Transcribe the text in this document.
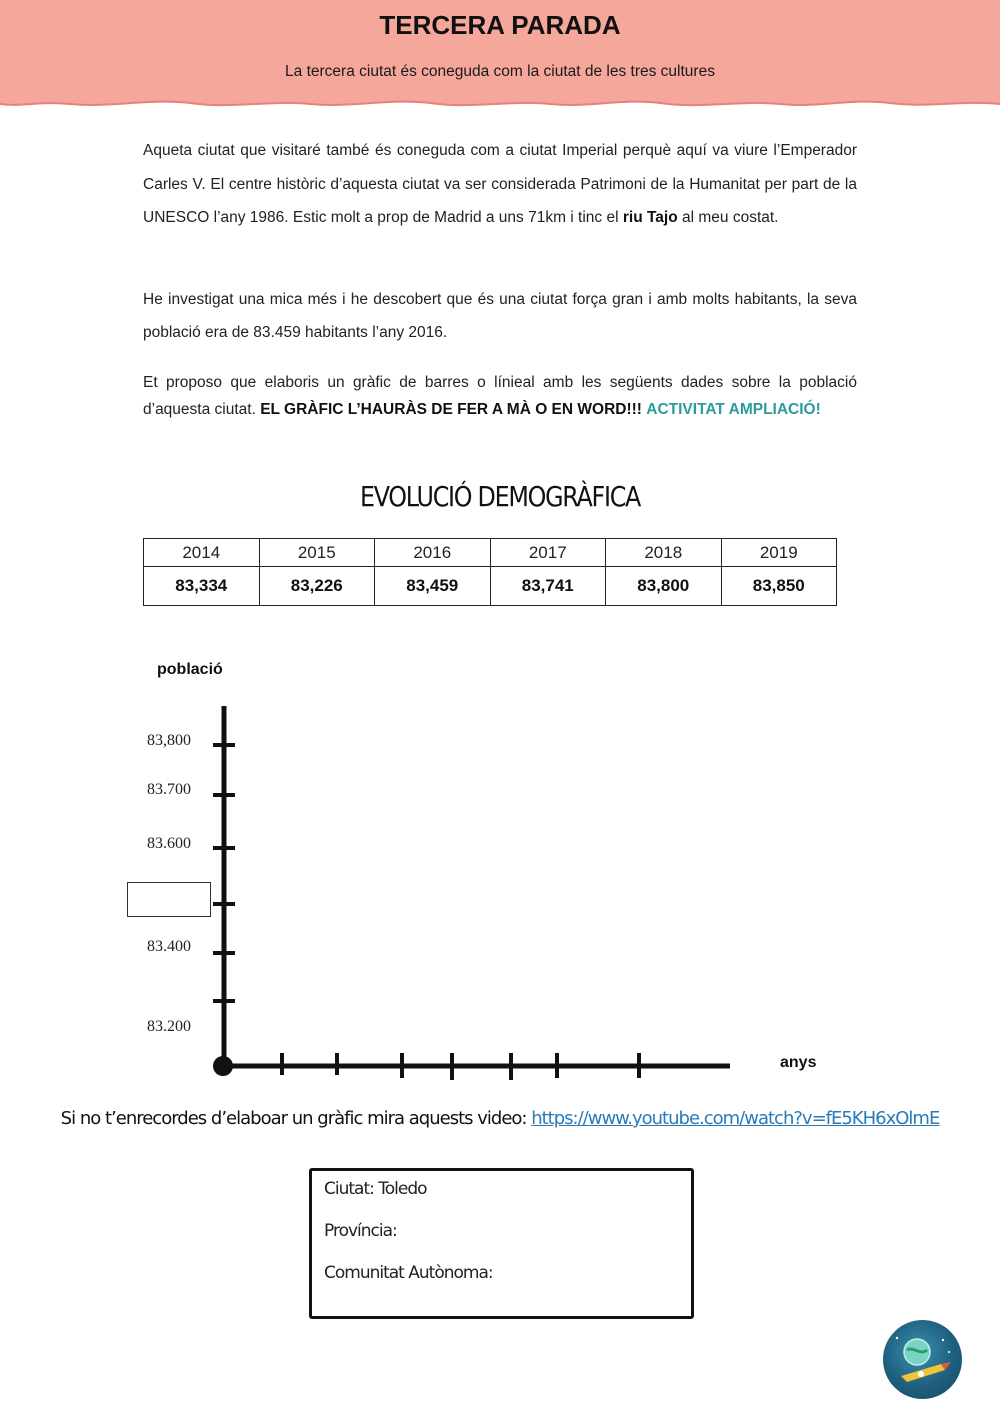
TERCERA PARADA
La tercera ciutat és coneguda com la ciutat de les tres cultures
Aqueta ciutat que visitaré també és coneguda com a ciutat Imperial perquè aquí va viure l’Emperador Carles V. El centre històric d’aquesta ciutat va ser considerada Patrimoni de la Humanitat per part de la UNESCO l’any 1986. Estic molt a prop de Madrid a uns 71km i tinc el riu Tajo al meu costat.
He investigat una mica més i he descobert que és una ciutat força gran i amb molts habitants, la seva població era de 83.459 habitants l’any 2016.
Et proposo que elaboris un gràfic de barres o línieal amb les següents dades sobre la població d’aquesta ciutat. EL GRÀFIC L’HAURÀS DE FER A MÀ O EN WORD!!! ACTIVITAT AMPLIACIÓ!
EVOLUCIÓ DEMOGRÀFICA
2014	2015	2016	2017	2018	2019
83,334	83,226	83,459	83,741	83,800	83,850
població
83,800
83.700
83.600
83.400
83.200
anys
Si no t’enrecordes d’elaboar un gràfic mira aquests video: https://www.youtube.com/watch?v=fE5KH6xOlmE
Ciutat: Toledo
Província:
Comunitat Autònoma:
